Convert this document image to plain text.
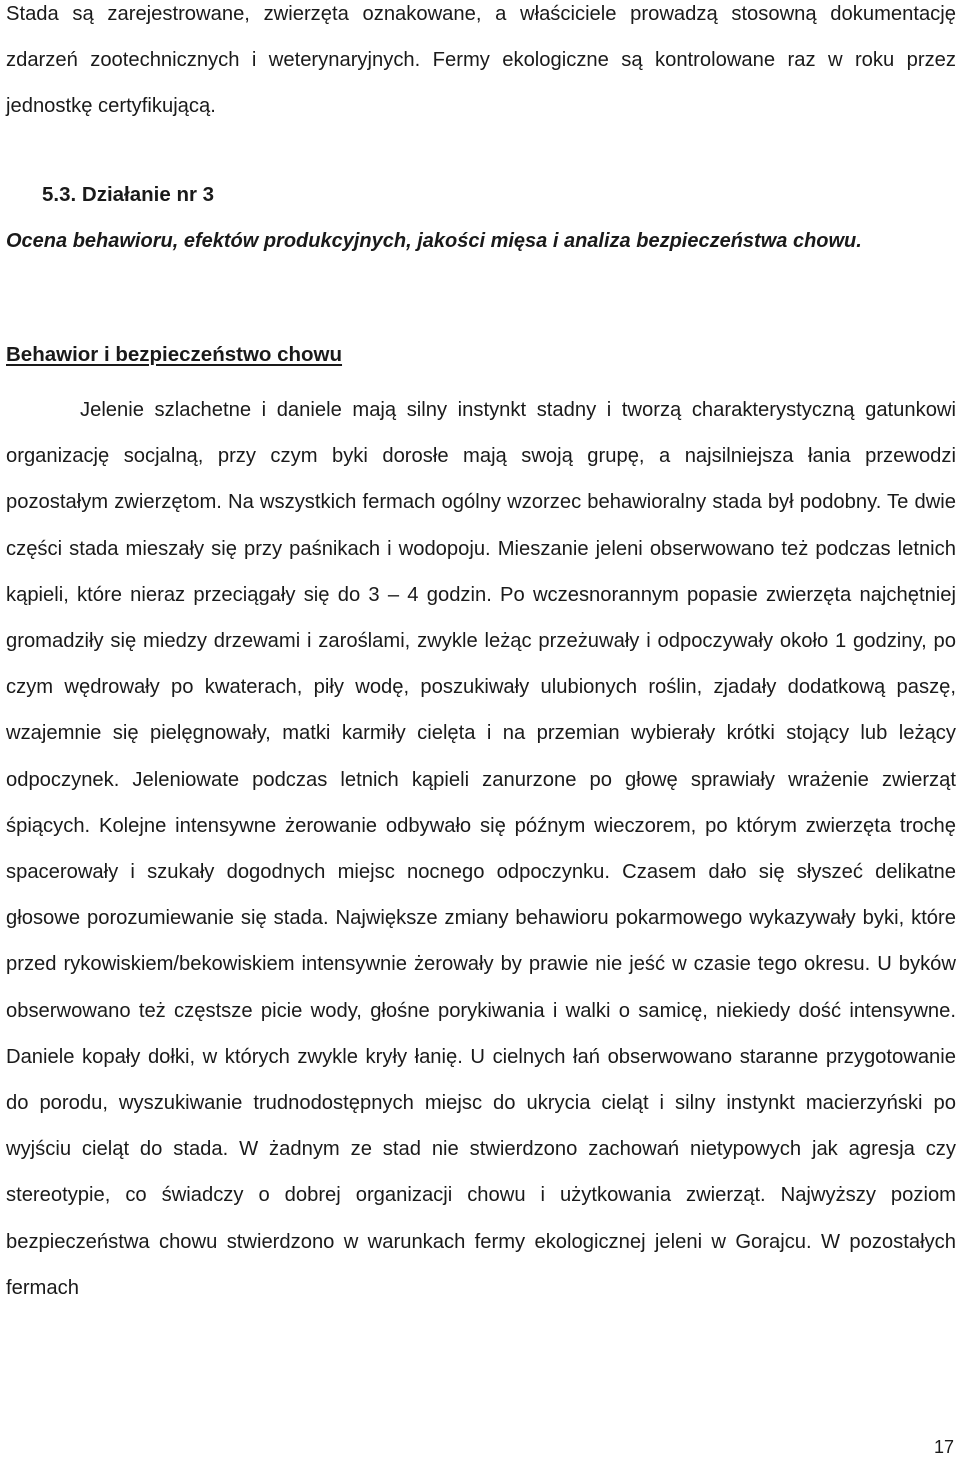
Stada są zarejestrowane, zwierzęta oznakowane, a właściciele prowadzą stosowną dokumentację zdarzeń zootechnicznych i weterynaryjnych. Fermy ekologiczne są kontrolowane raz w roku przez jednostkę certyfikującą.

5.3. Działanie nr 3

Ocena behawioru, efektów produkcyjnych, jakości mięsa i analiza bezpieczeństwa chowu.

Behawior i bezpieczeństwo chowu

Jelenie szlachetne i daniele mają silny instynkt stadny i tworzą charakterystyczną gatunkowi organizację socjalną, przy czym byki dorosłe mają swoją grupę, a najsilniejsza łania przewodzi pozostałym zwierzętom. Na wszystkich fermach ogólny wzorzec behawioralny stada był podobny. Te dwie części stada mieszały się przy paśnikach i wodopoju. Mieszanie jeleni obserwowano też podczas letnich kąpieli, które nieraz przeciągały się do 3 – 4 godzin. Po wczesnorannym popasie zwierzęta najchętniej gromadziły się miedzy drzewami i zaroślami, zwykle leżąc przeżuwały i odpoczywały około 1 godziny, po czym wędrowały po kwaterach, piły wodę, poszukiwały ulubionych roślin, zjadały dodatkową paszę, wzajemnie się pielęgnowały, matki karmiły cielęta i na przemian wybierały krótki stojący lub leżący odpoczynek. Jeleniowate podczas letnich kąpieli zanurzone po głowę sprawiały wrażenie zwierząt śpiących. Kolejne intensywne żerowanie odbywało się późnym wieczorem, po którym zwierzęta trochę spacerowały i szukały dogodnych miejsc nocnego odpoczynku. Czasem dało się słyszeć delikatne głosowe porozumiewanie się stada. Największe zmiany behawioru pokarmowego wykazywały byki, które przed rykowiskiem/bekowiskiem intensywnie żerowały by prawie nie jeść w czasie tego okresu. U byków obserwowano też częstsze picie wody, głośne porykiwania i walki o samicę, niekiedy dość intensywne. Daniele kopały dołki, w których zwykle kryły łanię. U cielnych łań obserwowano staranne przygotowanie do porodu, wyszukiwanie trudnodostępnych miejsc do ukrycia cieląt i silny instynkt macierzyński po wyjściu cieląt do stada. W żadnym ze stad nie stwierdzono zachowań nietypowych jak agresja czy stereotypie, co świadczy o dobrej organizacji chowu i użytkowania zwierząt. Najwyższy poziom bezpieczeństwa chowu stwierdzono w warunkach fermy ekologicznej jeleni w Gorajcu. W pozostałych fermach

17
